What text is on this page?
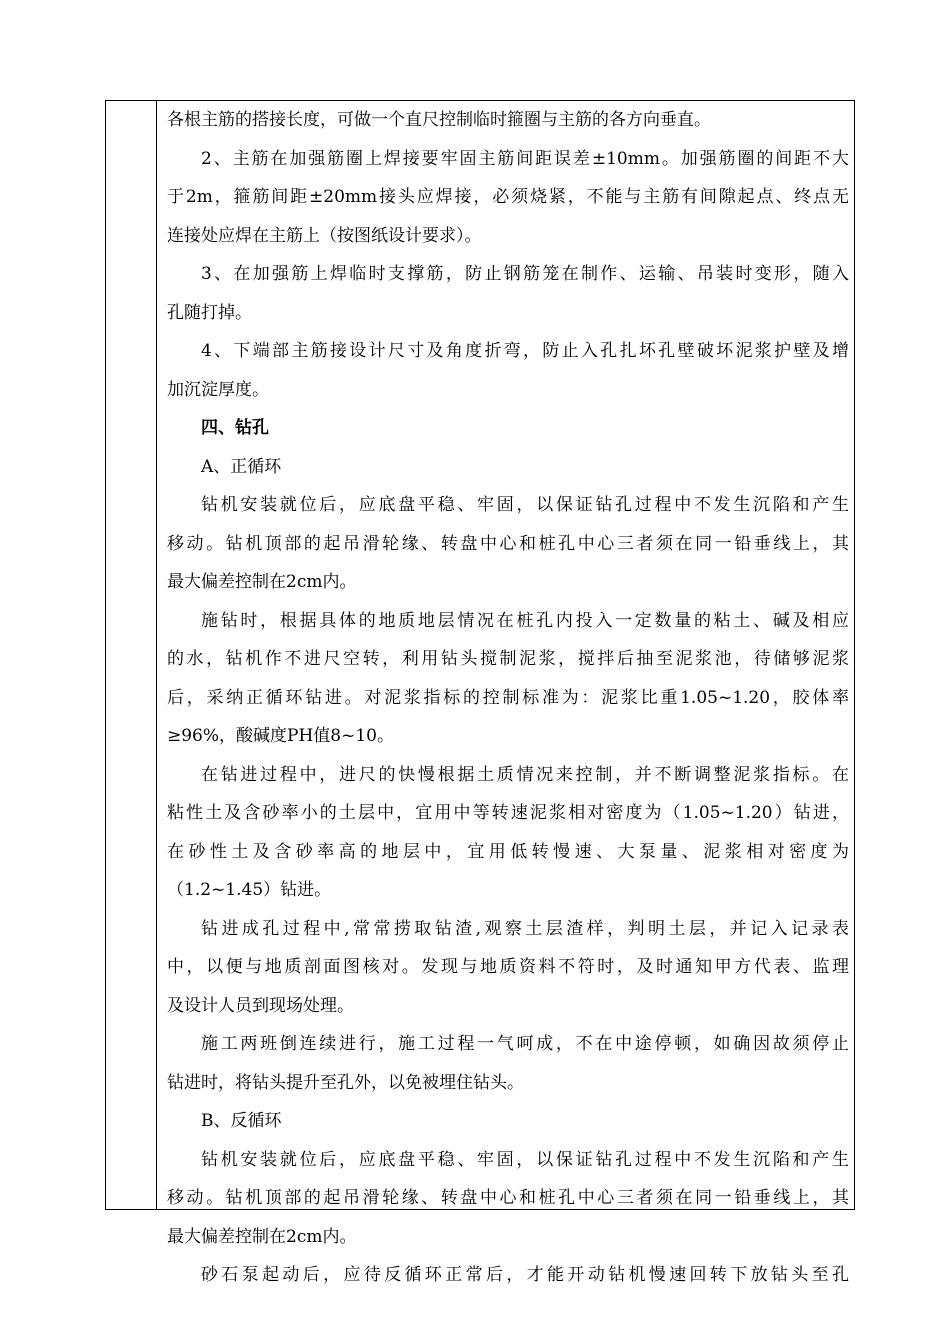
各根主筋的搭接长度，可做一个直尺控制临时箍圈与主筋的各方向垂直。
2、主筋在加强筋圈上焊接要牢固主筋间距误差±10mm。加强筋圈的间距不大
于2m，箍筋间距±20mm接头应焊接，必须烧紧，不能与主筋有间隙起点、终点无
连接处应焊在主筋上（按图纸设计要求）。
3、在加强筋上焊临时支撑筋，防止钢筋笼在制作、运输、吊装时变形，随入
孔随打掉。
4、下端部主筋接设计尺寸及角度折弯，防止入孔扎坏孔壁破坏泥浆护壁及增
加沉淀厚度。
四、钻孔
A、正循环
钻机安装就位后，应底盘平稳、牢固，以保证钻孔过程中不发生沉陷和产生
移动。钻机顶部的起吊滑轮缘、转盘中心和桩孔中心三者须在同一铅垂线上，其
最大偏差控制在2cm内。
施钻时，根据具体的地质地层情况在桩孔内投入一定数量的粘土、碱及相应
的水，钻机作不进尺空转，利用钻头搅制泥浆，搅拌后抽至泥浆池，待储够泥浆
后，采纳正循环钻进。对泥浆指标的控制标准为：泥浆比重1.05~1.20，胶体率
≥96%，酸碱度PH值8~10。
在钻进过程中，进尺的快慢根据土质情况来控制，并不断调整泥浆指标。在
粘性土及含砂率小的土层中，宜用中等转速泥浆相对密度为（1.05~1.20）钻进，
在砂性土及含砂率高的地层中，宜用低转慢速、大泵量、泥浆相对密度为
（1.2~1.45）钻进。
钻进成孔过程中,常常捞取钻渣,观察土层渣样，判明土层，并记入记录表
中，以便与地质剖面图核对。发现与地质资料不符时，及时通知甲方代表、监理
及设计人员到现场处理。
施工两班倒连续进行，施工过程一气呵成，不在中途停顿，如确因故须停止
钻进时，将钻头提升至孔外，以免被埋住钻头。
B、反循环
钻机安装就位后，应底盘平稳、牢固，以保证钻孔过程中不发生沉陷和产生
移动。钻机顶部的起吊滑轮缘、转盘中心和桩孔中心三者须在同一铅垂线上，其
最大偏差控制在2cm内。
砂石泵起动后，应待反循环正常后，才能开动钻机慢速回转下放钻头至孔
